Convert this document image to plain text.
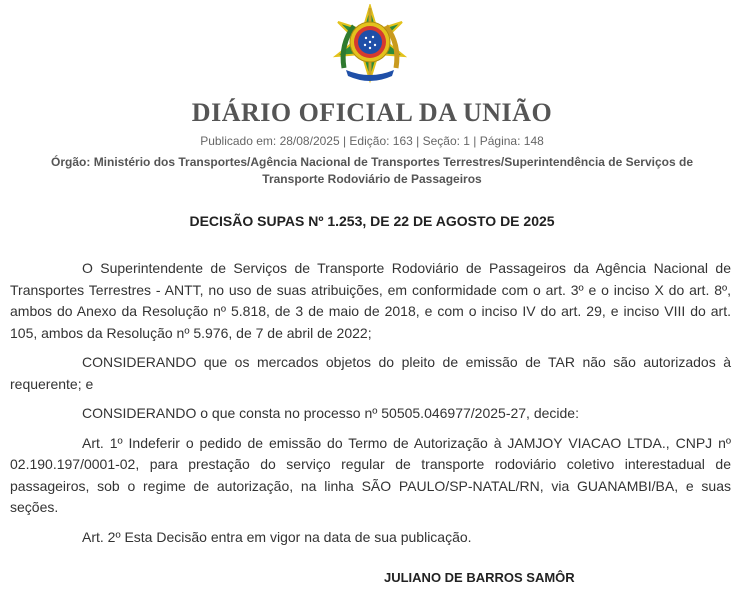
DIÁRIO OFICIAL DA UNIÃO
Publicado em: 28/08/2025 | Edição: 163 | Seção: 1 | Página: 148
Órgão: Ministério dos Transportes/Agência Nacional de Transportes Terrestres/Superintendência de Serviços de Transporte Rodoviário de Passageiros
DECISÃO SUPAS Nº 1.253, DE 22 DE AGOSTO DE 2025

O Superintendente de Serviços de Transporte Rodoviário de Passageiros da Agência Nacional de Transportes Terrestres - ANTT, no uso de suas atribuições, em conformidade com o art. 3º e o inciso X do art. 8º, ambos do Anexo da Resolução nº 5.818, de 3 de maio de 2018, e com o inciso IV do art. 29, e inciso VIII do art. 105, ambos da Resolução nº 5.976, de 7 de abril de 2022;

CONSIDERANDO que os mercados objetos do pleito de emissão de TAR não são autorizados à requerente; e

CONSIDERANDO o que consta no processo nº 50505.046977/2025-27, decide:

Art. 1º Indeferir o pedido de emissão do Termo de Autorização à JAMJOY VIACAO LTDA., CNPJ nº 02.190.197/0001-02, para prestação do serviço regular de transporte rodoviário coletivo interestadual de passageiros, sob o regime de autorização, na linha SÃO PAULO/SP-NATAL/RN, via GUANAMBI/BA, e suas seções.

Art. 2º Esta Decisão entra em vigor na data de sua publicação.

JULIANO DE BARROS SAMÔR
